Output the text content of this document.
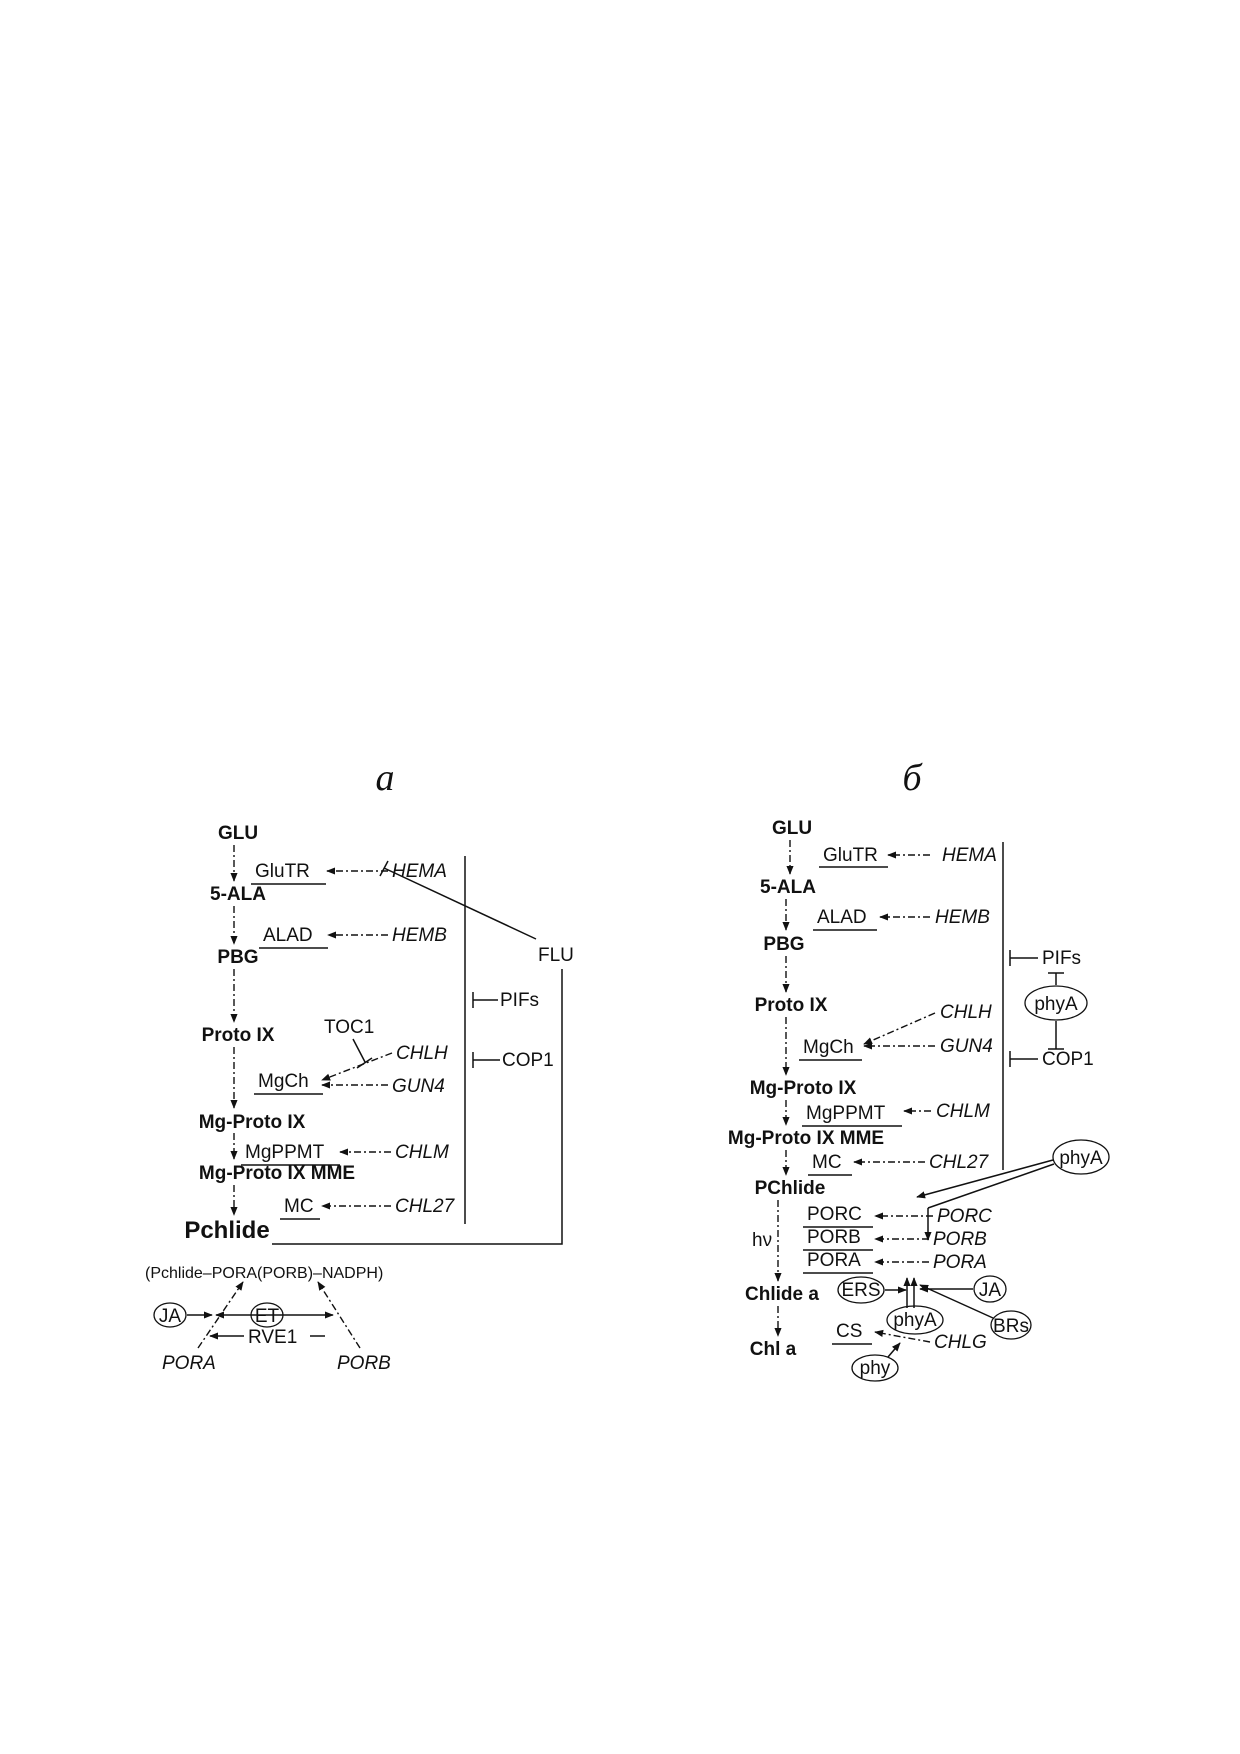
а
GLU
5-ALA
PBG
Proto IX
Mg-Proto IX
Mg-Proto IX MME
Pchlide
GluTR
ALAD
MgCh
MgPPMT
MC
HEMA
HEMB
CHLH
GUN4
CHLM
CHL27
FLU
PIFs
COP1
TOC1
(Pchlide–PORA(PORB)–NADPH)
JA	ET
RVE1
PORA	PORB
б
GLU
5-ALA
PBG
Proto IX
Mg-Proto IX
Mg-Proto IX MME
PChlide
Chlide a
Chl a
hν
GluTR
ALAD
MgCh
MgPPMT
MC
PORC
PORB
PORA
CS
HEMA
HEMB
CHLH
GUN4
CHLM
CHL27
PORC
PORB
PORA
CHLG
PIFs
phyA
COP1
phyA
ERS
phyA
JA
BRs
phy
